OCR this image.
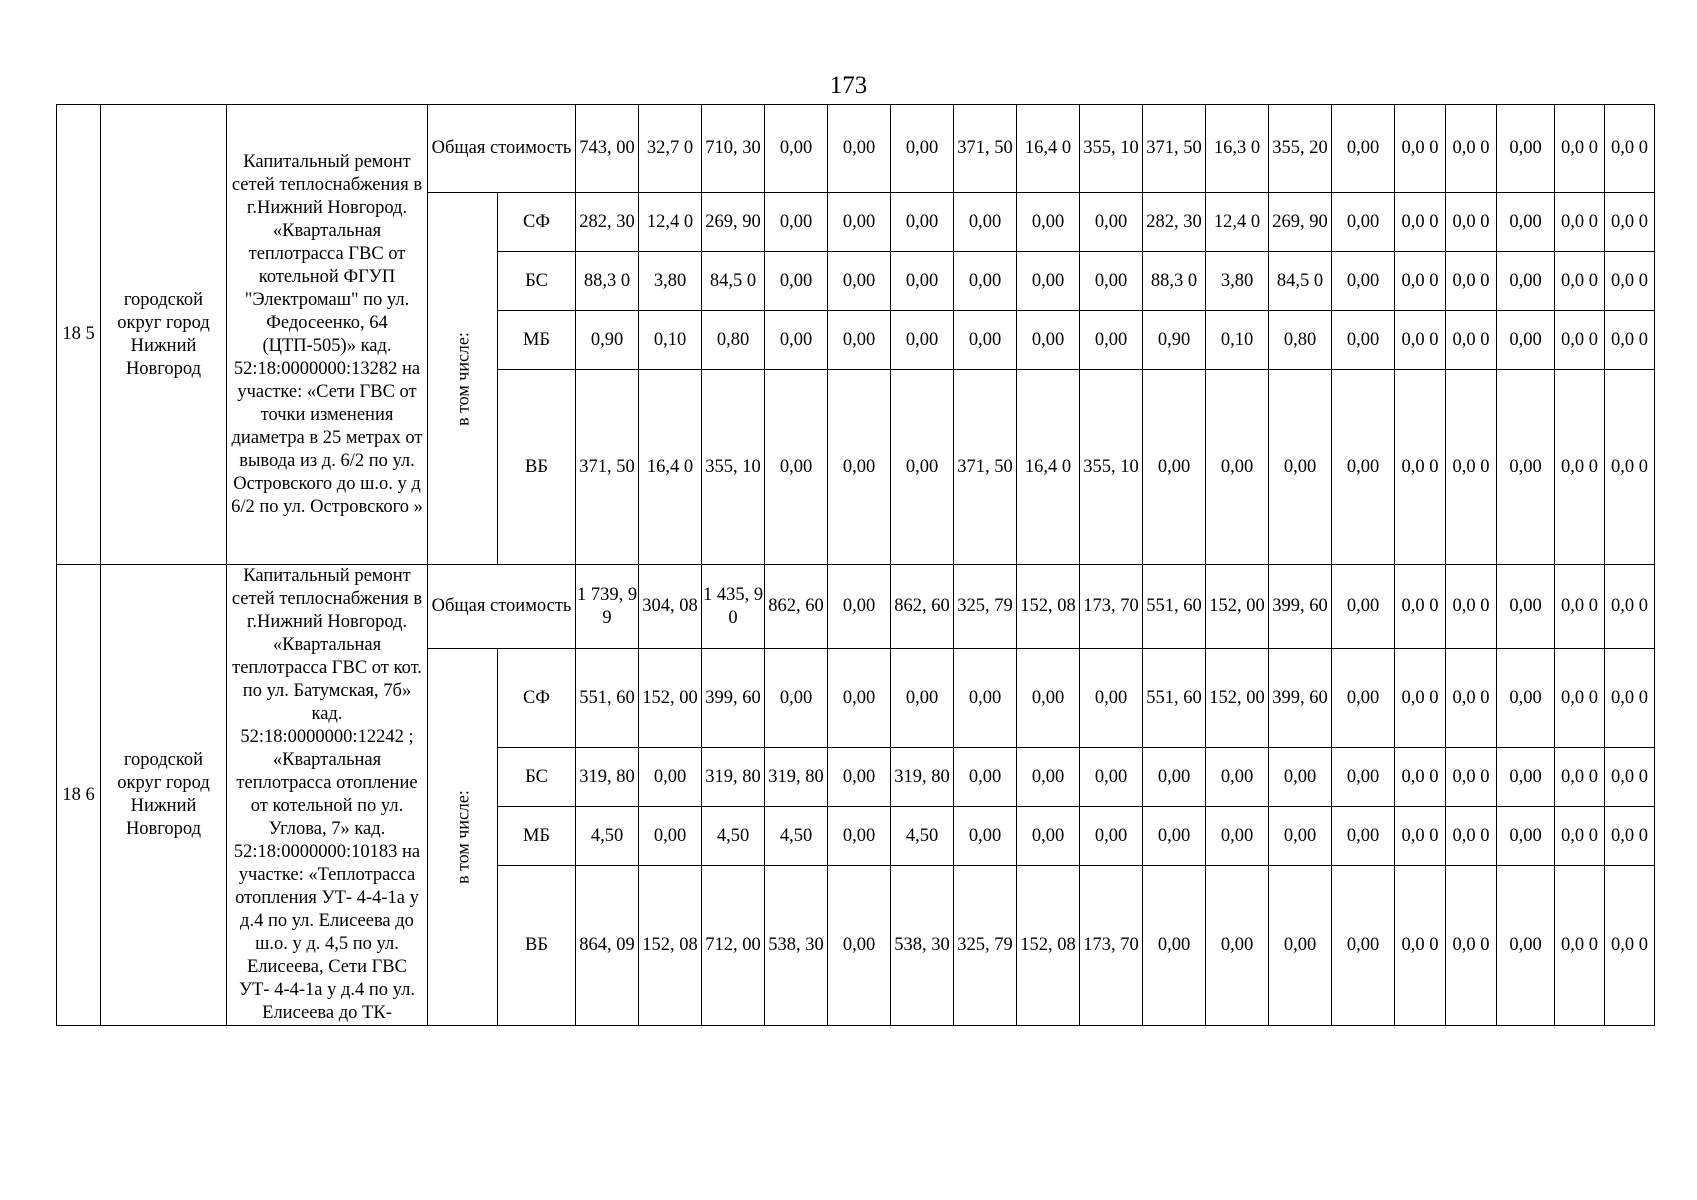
173
18 5	городской округ город Нижний Новгород	Капитальный ремонт сетей теплоснабжения в г.Нижний Новгород. «Квартальная теплотрасса ГВС от котельной ФГУП "Электромаш" по ул. Федосеенко, 64 (ЦТП-505)» кад. 52:18:0000000:13282 на участке: «Сети ГВС от точки изменения диаметра в 25 метрах от вывода из д. 6/2 по ул. Островского до ш.о. у д 6/2 по ул. Островского »	Общая стоимость		743, 00	32,7 0	710, 30	0,00	0,00	0,00	371, 50	16,4 0	355, 10	371, 50	16,3 0	355, 20	0,00	0,0 0	0,0 0	0,00	0,0 0	0,0 0

			в том числе:	СФ	282, 30	12,4 0	269, 90	0,00	0,00	0,00	0,00	0,00	0,00	282, 30	12,4 0	269, 90	0,00	0,0 0	0,0 0	0,00	0,0 0	0,0 0

				БС	88,3 0	3,80	84,5 0	0,00	0,00	0,00	0,00	0,00	0,00	88,3 0	3,80	84,5 0	0,00	0,0 0	0,0 0	0,00	0,0 0	0,0 0

				МБ	0,90	0,10	0,80	0,00	0,00	0,00	0,00	0,00	0,00	0,90	0,10	0,80	0,00	0,0 0	0,0 0	0,00	0,0 0	0,0 0

				ВБ	371, 50	16,4 0	355, 10	0,00	0,00	0,00	371, 50	16,4 0	355, 10	0,00	0,00	0,00	0,00	0,0 0	0,0 0	0,00	0,0 0	0,0 0

18 6	городской округ город Нижний Новгород	Капитальный ремонт сетей теплоснабжения в г.Нижний Новгород. «Квартальная теплотрасса ГВС от кот. по ул. Батумская, 7б» кад. 52:18:0000000:12242 ; «Квартальная теплотрасса отопление от котельной по ул. Углова, 7» кад. 52:18:0000000:10183 на участке: «Теплотрасса отопления УТ- 4-4-1а у д.4 по ул. Елисеева до ш.о. у д. 4,5 по ул. Елисеева, Сети ГВС УТ- 4-4-1а у д.4 по ул. Елисеева до ТК-	Общая стоимость		1 739, 99	304, 08	1 435, 90	862, 60	0,00	862, 60	325, 79	152, 08	173, 70	551, 60	152, 00	399, 60	0,00	0,0 0	0,0 0	0,00	0,0 0	0,0 0

			в том числе:	СФ	551, 60	152, 00	399, 60	0,00	0,00	0,00	0,00	0,00	0,00	551, 60	152, 00	399, 60	0,00	0,0 0	0,0 0	0,00	0,0 0	0,0 0

				БС	319, 80	0,00	319, 80	319, 80	0,00	319, 80	0,00	0,00	0,00	0,00	0,00	0,00	0,00	0,0 0	0,0 0	0,00	0,0 0	0,0 0

				МБ	4,50	0,00	4,50	4,50	0,00	4,50	0,00	0,00	0,00	0,00	0,00	0,00	0,00	0,0 0	0,0 0	0,00	0,0 0	0,0 0

				ВБ	864, 09	152, 08	712, 00	538, 30	0,00	538, 30	325, 79	152, 08	173, 70	0,00	0,00	0,00	0,00	0,0 0	0,0 0	0,00	0,0 0	0,0 0
